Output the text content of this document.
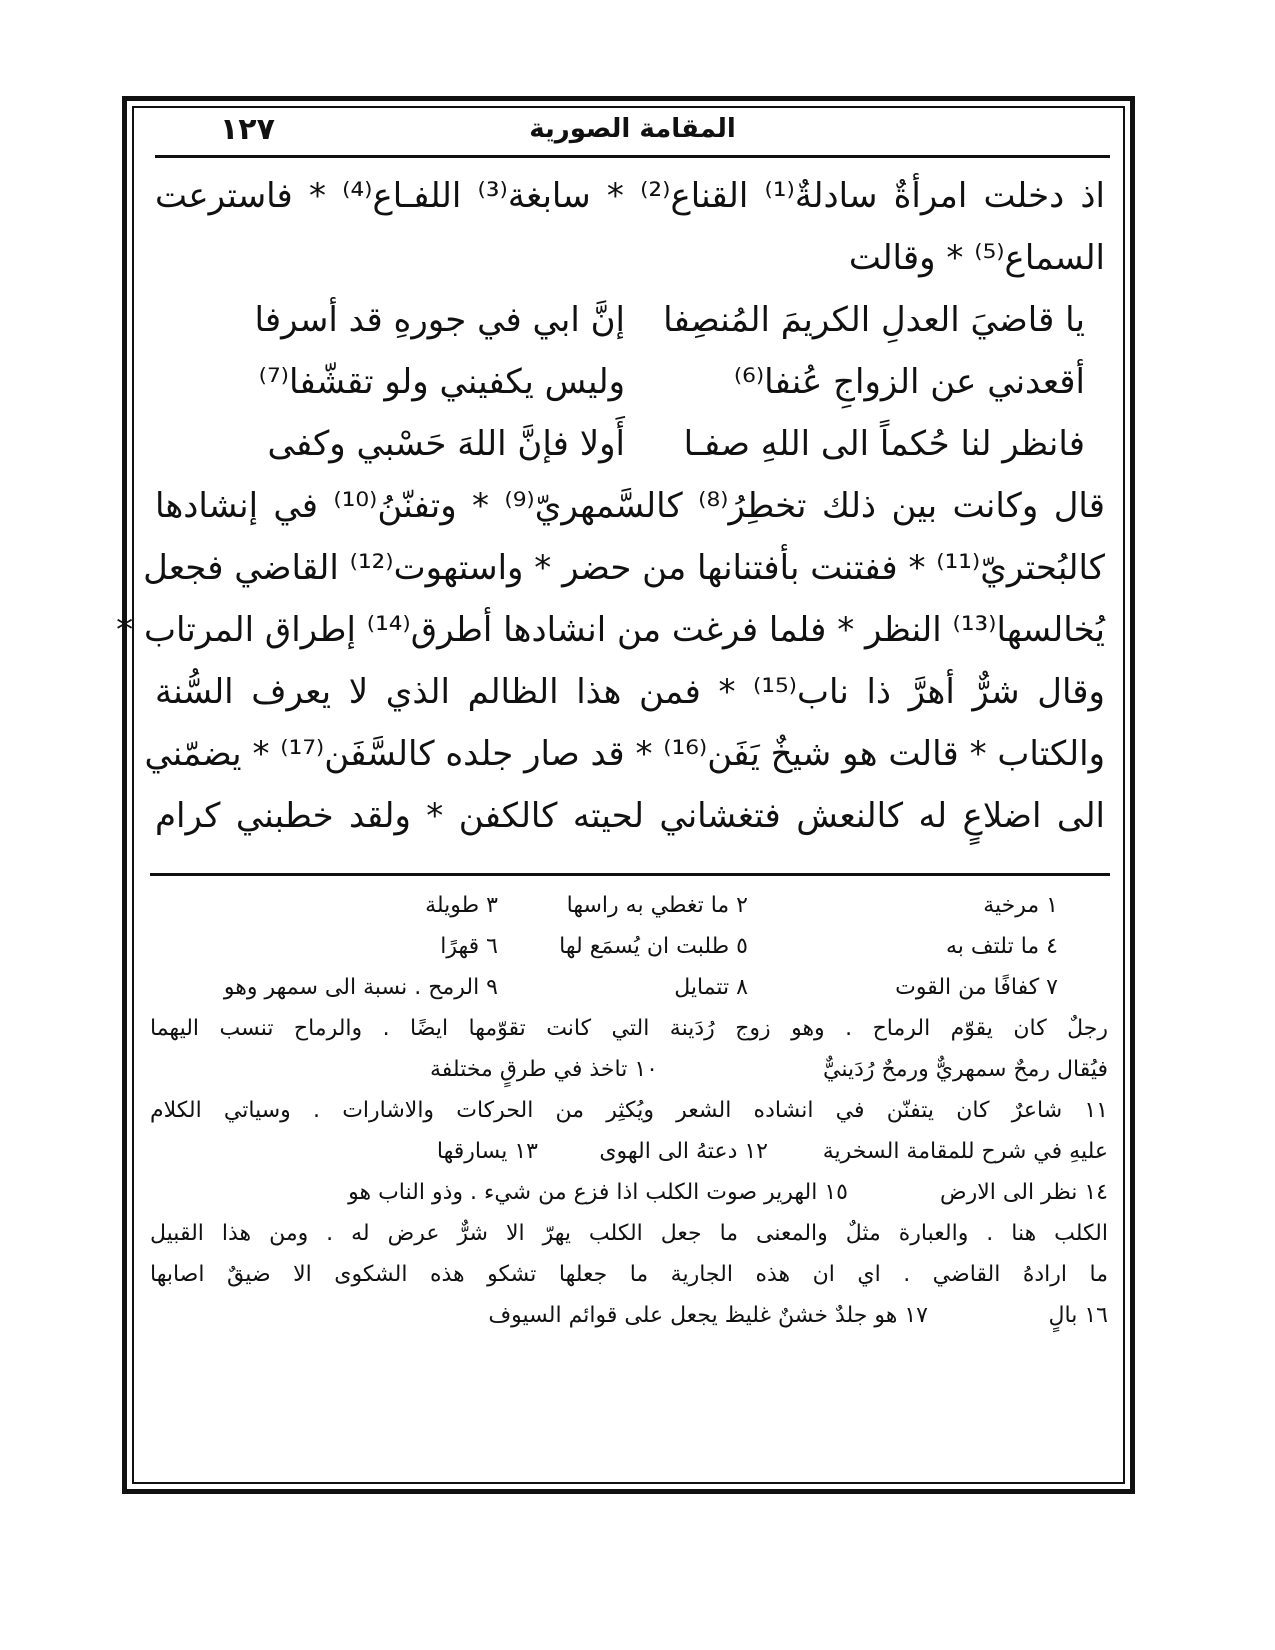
١٢٧	المقامة الصورية
اذ دخلت امرأةٌ سادلةٌ⁽¹⁾ القناع⁽²⁾ * سابغة⁽³⁾ اللفـاع⁽⁴⁾ * فاسترعت
السماع⁽⁵⁾ * وقالت
يا قاضيَ العدلِ الكريمَ المُنصِفا
إنَّ ابي في جورهِ قد أسرفا
أقعدني عن الزواجِ عُنفا⁽⁶⁾
وليس يكفيني ولو تقشّفا⁽⁷⁾
فانظر لنا حُكماً الى اللهِ صفـا
أَولا فإنَّ اللهَ حَسْبي وكفى
قال وكانت بين ذلك تخطِرُ⁽⁸⁾ كالسَّمهريّ⁽⁹⁾ * وتفنّنُ⁽¹⁰⁾ في إنشادها
كالبُحتريّ⁽¹¹⁾ * ففتنت بأفتنانها من حضر * واستهوت⁽¹²⁾ القاضي فجعل
يُخالسها⁽¹³⁾ النظر * فلما فرغت من انشادها أطرق⁽¹⁴⁾ إطراق المرتاب *
وقال شرٌّ أهرَّ ذا ناب⁽¹⁵⁾ * فمن هذا الظالم الذي لا يعرف السُّنة
والكتاب * قالت هو شيخٌ يَفَن⁽¹⁶⁾ * قد صار جلده كالسَّفَن⁽¹⁷⁾ * يضمّني
الى اضلاعٍ له كالنعش فتغشاني لحيته كالكفن * ولقد خطبني كرام
١ مرخية
٢ ما تغطي به راسها
٣ طويلة
٤ ما تلتف به
٥ طلبت ان يُسمَع لها
٦ قهرًا
٧ كفافًا من القوت
٨ تتمايل
٩ الرمح . نسبة الى سمهر وهو
رجلٌ كان يقوّم الرماح . وهو زوج رُدَينة التي كانت تقوّمها ايضًا . والرماح تنسب اليهما
فيُقال رمحٌ سمهريٌّ ورمحٌ رُدَينيٌّ
١٠ تاخذ في طرقٍ مختلفة
١١ شاعرٌ كان يتفنّن في انشاده الشعر ويُكثِر من الحركات والاشارات . وسياتي الكلام
عليهِ في شرح للمقامة السخرية
١٢ دعتهُ الى الهوى
١٣ يسارقها
١٤ نظر الى الارض
١٥ الهرير صوت الكلب اذا فزع من شيء . وذو الناب هو
الكلب هنا . والعبارة مثلٌ والمعنى ما جعل الكلب يهرّ الا شرٌّ عرض له . ومن هذا القبيل
ما ارادهُ القاضي . اي ان هذه الجارية ما جعلها تشكو هذه الشكوى الا ضيقٌ اصابها
١٦ بالٍ
١٧ هو جلدٌ خشنٌ غليظ يجعل على قوائم السيوف
